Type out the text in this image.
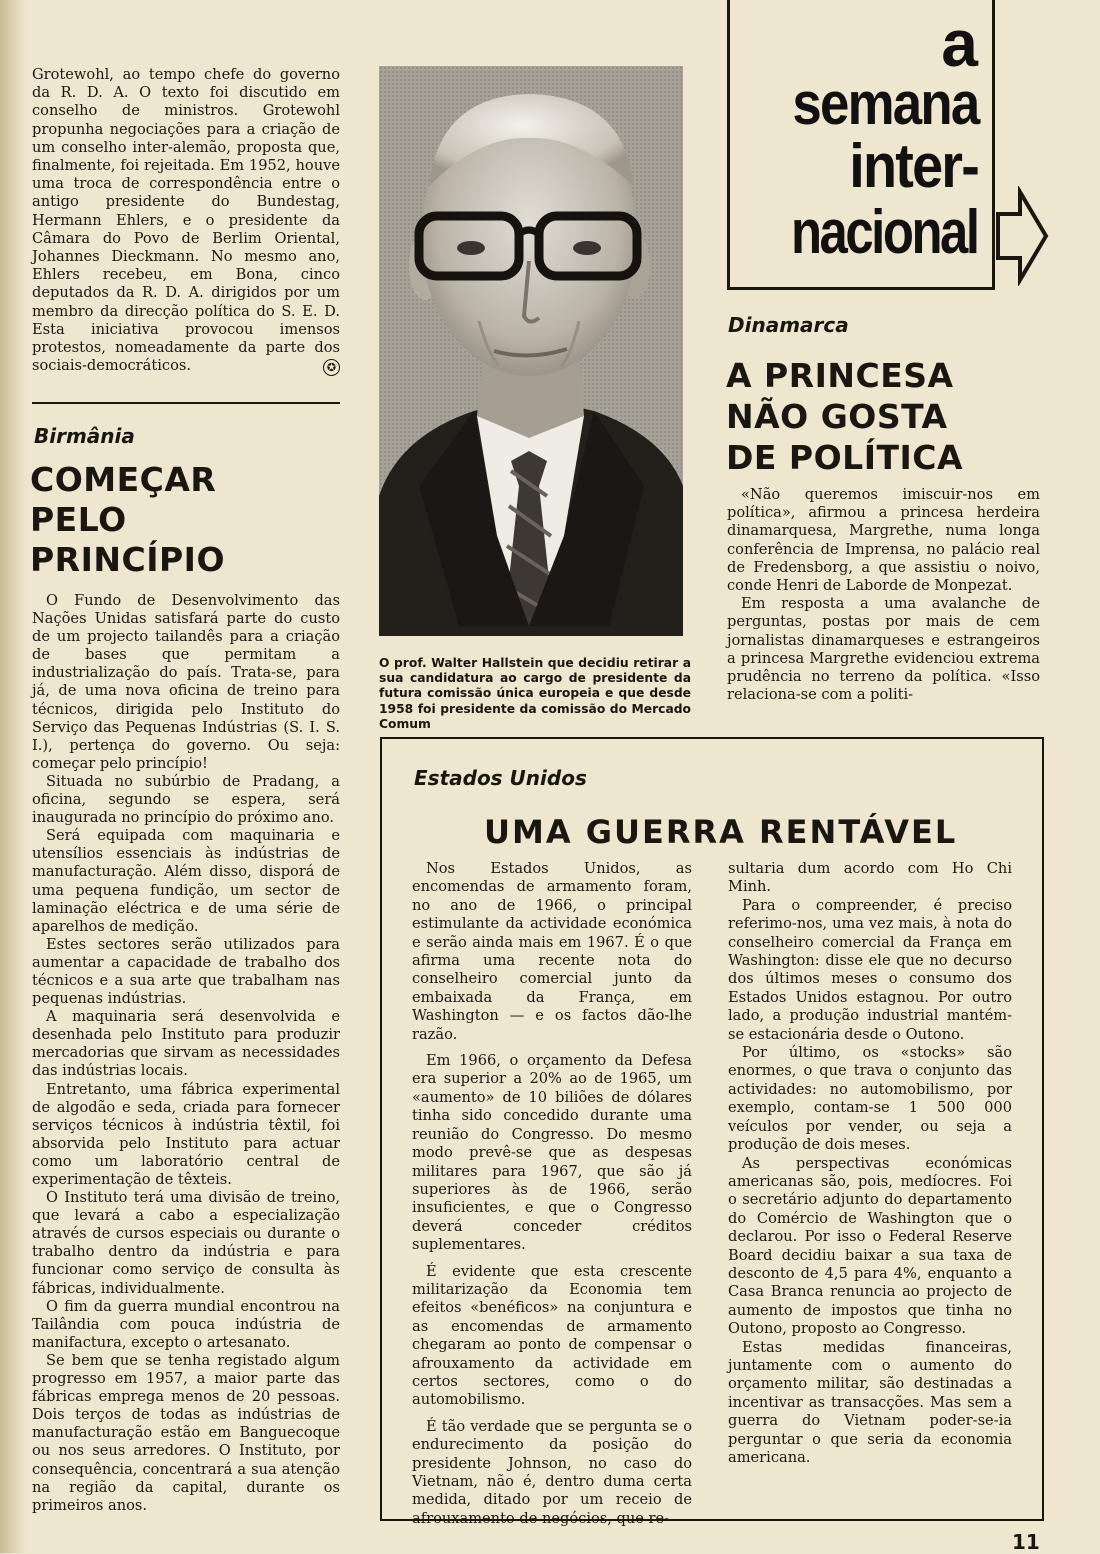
Grotewohl, ao tempo chefe do governo da R. D. A. O texto foi discutido em conselho de ministros. Grotewohl propunha negociações para a criação de um conselho inter-alemão, proposta que, finalmente, foi rejeitada. Em 1952, houve uma troca de correspondência entre o antigo presidente do Bundestag, Hermann Ehlers, e o presidente da Câmara do Povo de Berlim Oriental, Johannes Dieckmann. No mesmo ano, Ehlers recebeu, em Bona, cinco deputados da R. D. A. dirigidos por um membro da direcção política do S. E. D. Esta iniciativa provocou imensos protestos, nomeadamente da parte dos sociais-democráticos.	✪

Birmânia
COMEÇAR
PELO
PRINCÍPIO

O Fundo de Desenvolvimento das Nações Unidas satisfará parte do custo de um projecto tailandês para a criação de bases que permitam a industrialização do país. Trata-se, para já, de uma nova oficina de treino para técnicos, dirigida pelo Instituto do Serviço das Pequenas Indústrias (S. I. S. I.), pertença do governo. Ou seja: começar pelo princípio!

Situada no subúrbio de Pradang, a oficina, segundo se espera, será inaugurada no princípio do próximo ano.

Será equipada com maquinaria e utensílios essenciais às indústrias de manufacturação. Além disso, disporá de uma pequena fundição, um sector de laminação eléctrica e de uma série de aparelhos de medição.

Estes sectores serão utilizados para aumentar a capacidade de trabalho dos técnicos e a sua arte que trabalham nas pequenas indústrias.

A maquinaria será desenvolvida e desenhada pelo Instituto para produzir mercadorias que sirvam as necessidades das indústrias locais.

Entretanto, uma fábrica experimental de algodão e seda, criada para fornecer serviços técnicos à indústria têxtil, foi absorvida pelo Instituto para actuar como um laboratório central de experimentação de têxteis.

O Instituto terá uma divisão de treino, que levará a cabo a especialização através de cursos especiais ou durante o trabalho dentro da indústria e para funcionar como serviço de consulta às fábricas, individualmente.

O fim da guerra mundial encontrou na Tailândia com pouca indústria de manifactura, excepto o artesanato.

Se bem que se tenha registado algum progresso em 1957, a maior parte das fábricas emprega menos de 20 pessoas. Dois terços de todas as indústrias de manufacturação estão em Banguecoque ou nos seus arredores. O Instituto, por consequência, concentrará a sua atenção na região da capital, durante os primeiros anos.

O prof. Walter Hallstein que decidiu retirar a sua candidatura ao cargo de presidente da futura comissão única europeia e que desde 1958 foi presidente da comissão do Mercado Comum
a
semana
inter-
nacional
Dinamarca
A PRINCESA
NÃO GOSTA
DE POLÍTICA

«Não queremos imiscuir-nos em política», afirmou a princesa herdeira dinamarquesa, Margrethe, numa longa conferência de Imprensa, no palácio real de Fredensborg, a que assistiu o noivo, conde Henri de Laborde de Monpezat.

Em resposta a uma avalanche de perguntas, postas por mais de cem jornalistas dinamarqueses e estrangeiros a princesa Margrethe evidenciou extrema prudência no terreno da política. «Isso relaciona-se com a politi-

Estados Unidos
UMA GUERRA RENTÁVEL

Nos Estados Unidos, as encomendas de armamento foram, no ano de 1966, o principal estimulante da actividade económica e serão ainda mais em 1967. É o que afirma uma recente nota do conselheiro comercial junto da embaixada da França, em Washington — e os factos dão-lhe razão.

Em 1966, o orçamento da Defesa era superior a 20% ao de 1965, um «aumento» de 10 biliões de dólares tinha sido concedido durante uma reunião do Congresso. Do mesmo modo prevê-se que as despesas militares para 1967, que são já superiores às de 1966, serão insuficientes, e que o Congresso deverá conceder créditos suplementares.

É evidente que esta crescente militarização da Economia tem efeitos «benéficos» na conjuntura e as encomendas de armamento chegaram ao ponto de compensar o afrouxamento da actividade em certos sectores, como o do automobilismo.

É tão verdade que se pergunta se o endurecimento da posição do presidente Johnson, no caso do Vietnam, não é, dentro duma certa medida, ditado por um receio de afrouxamento de negócios, que re-

sultaria dum acordo com Ho Chi Minh.

Para o compreender, é preciso referimo-nos, uma vez mais, à nota do conselheiro comercial da França em Washington: disse ele que no decurso dos últimos meses o consumo dos Estados Unidos estagnou. Por outro lado, a produção industrial mantém-se estacionária desde o Outono.

Por último, os «stocks» são enormes, o que trava o conjunto das actividades: no automobilismo, por exemplo, contam-se 1 500 000 veículos por vender, ou seja a produção de dois meses.

As perspectivas económicas americanas são, pois, medíocres. Foi o secretário adjunto do departamento do Comércio de Washington que o declarou. Por isso o Federal Reserve Board decidiu baixar a sua taxa de desconto de 4,5 para 4%, enquanto a Casa Branca renuncia ao projecto de aumento de impostos que tinha no Outono, proposto ao Congresso.

Estas medidas financeiras, juntamente com o aumento do orçamento militar, são destinadas a incentivar as transacções. Mas sem a guerra do Vietnam poder-se-ia perguntar o que seria da economia americana.

11
